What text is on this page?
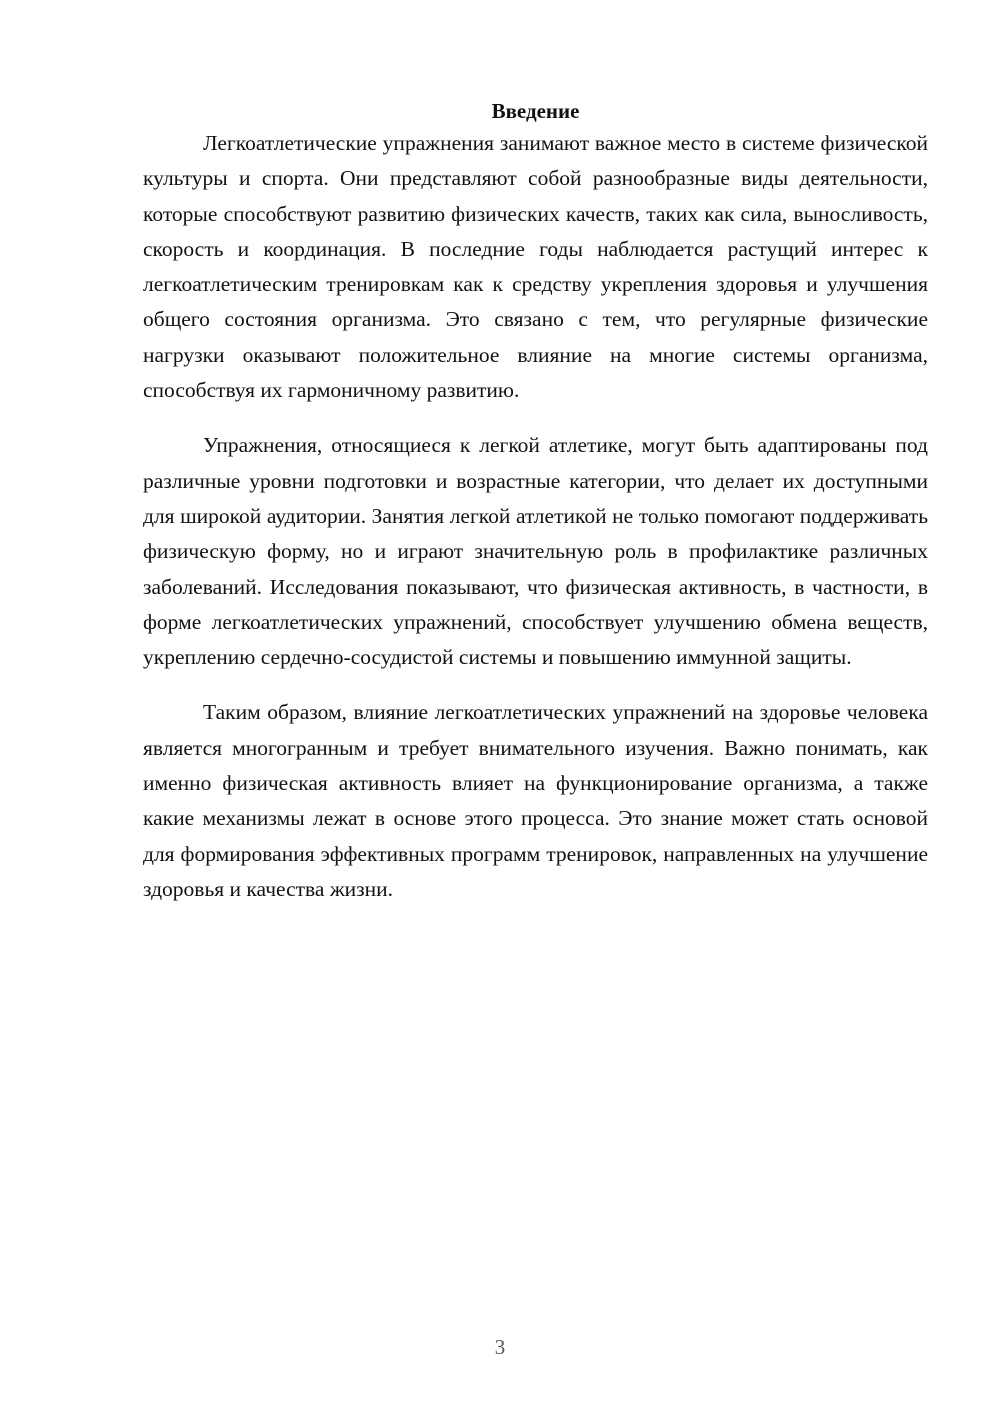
Введение

Легкоатлетические упражнения занимают важное место в системе физической культуры и спорта. Они представляют собой разнообразные виды деятельности, которые способствуют развитию физических качеств, таких как сила, выносливость, скорость и координация. В последние годы наблюдается растущий интерес к легкоатлетическим тренировкам как к средству укрепления здоровья и улучшения общего состояния организма. Это связано с тем, что регулярные физические нагрузки оказывают положительное влияние на многие системы организма, способствуя их гармоничному развитию.

Упражнения, относящиеся к легкой атлетике, могут быть адаптированы под различные уровни подготовки и возрастные категории, что делает их доступными для широкой аудитории. Занятия легкой атлетикой не только помогают поддерживать физическую форму, но и играют значительную роль в профилактике различных заболеваний. Исследования показывают, что физическая активность, в частности, в форме легкоатлетических упражнений, способствует улучшению обмена веществ, укреплению сердечно-сосудистой системы и повышению иммунной защиты.

Таким образом, влияние легкоатлетических упражнений на здоровье человека является многогранным и требует внимательного изучения. Важно понимать, как именно физическая активность влияет на функционирование организма, а также какие механизмы лежат в основе этого процесса. Это знание может стать основой для формирования эффективных программ тренировок, направленных на улучшение здоровья и качества жизни.

3
